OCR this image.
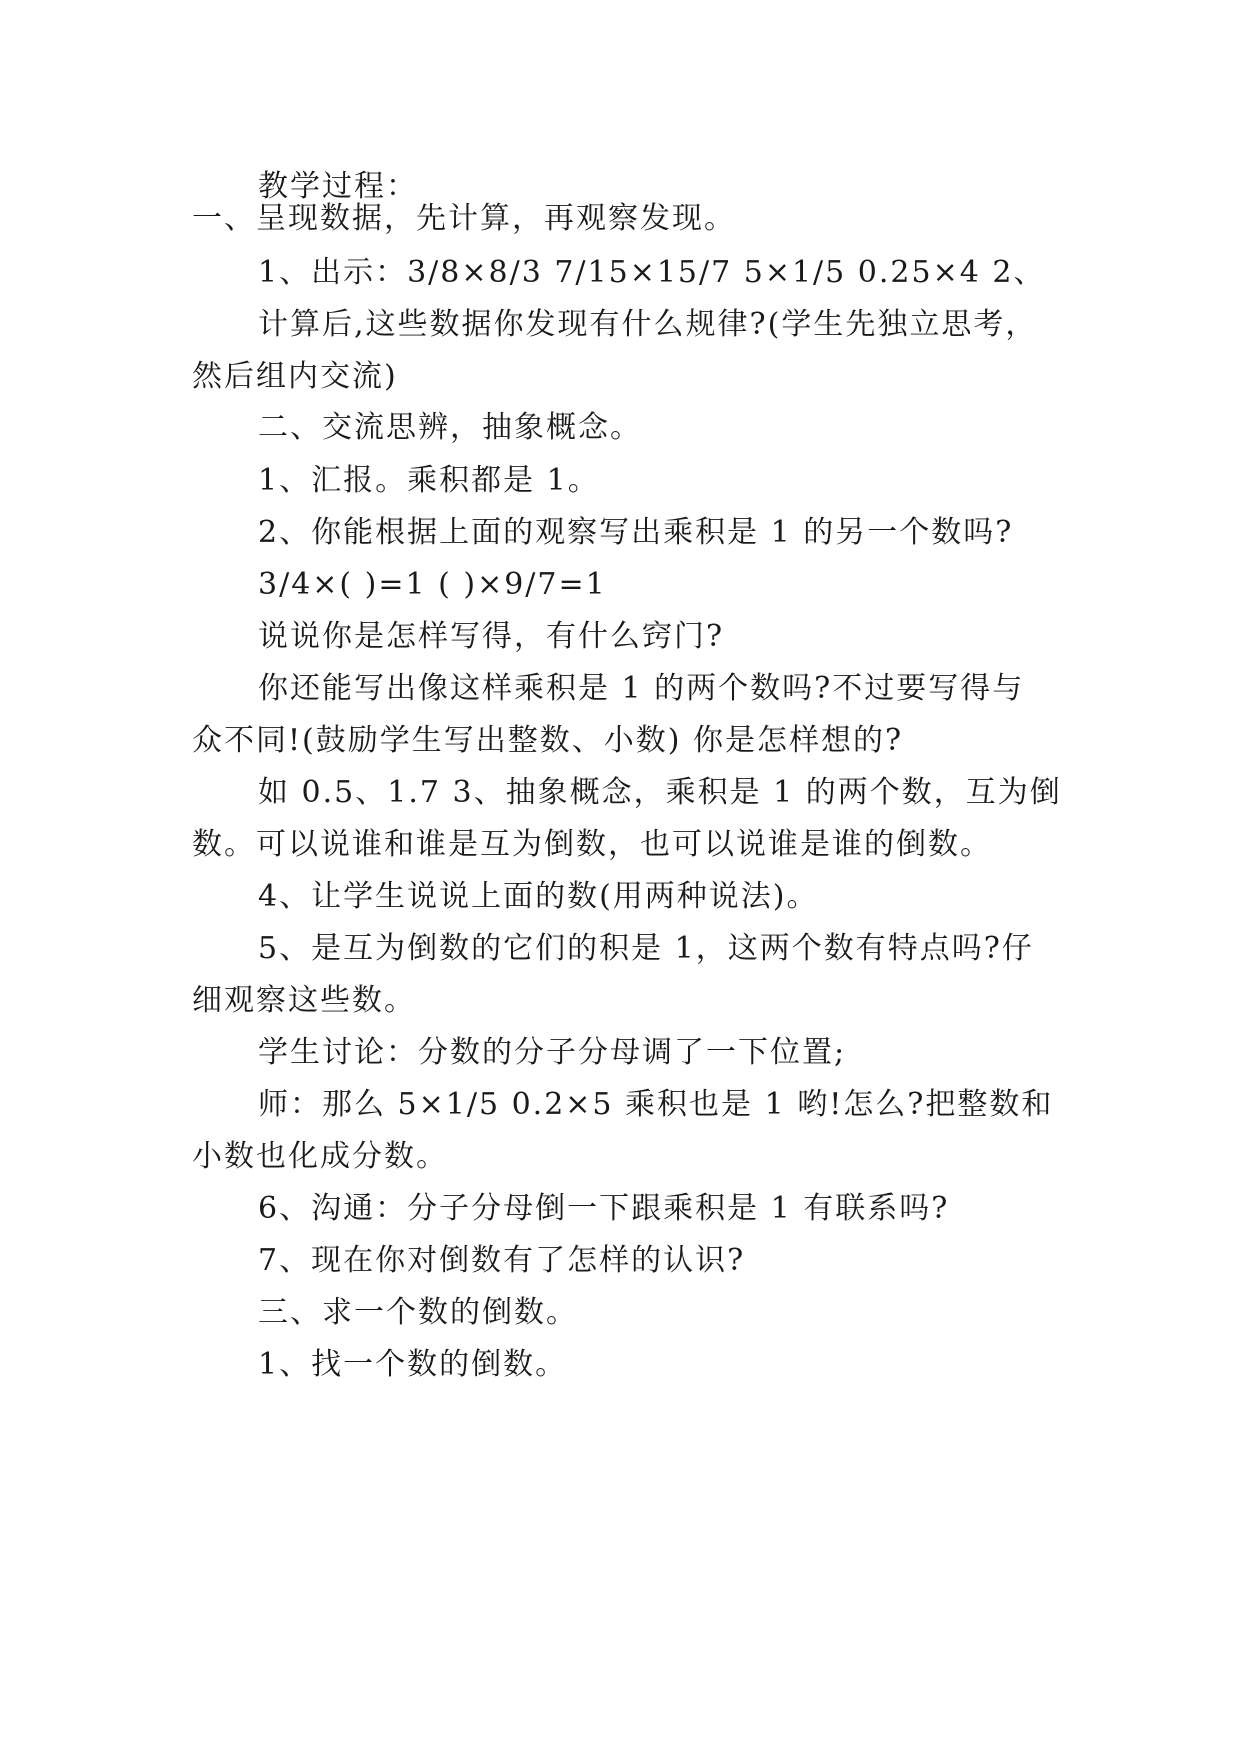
教学过程：
一、呈现数据，先计算，再观察发现。
1、出示：3/8×8/3 7/15×15/7 5×1/5 0.25×4 2、
计算后,这些数据你发现有什么规律?(学生先独立思考，
然后组内交流)
二、交流思辨，抽象概念。
1、汇报。乘积都是 1。
2、你能根据上面的观察写出乘积是 1 的另一个数吗?
3/4×( )=1 ( )×9/7=1
说说你是怎样写得，有什么窍门?
你还能写出像这样乘积是 1 的两个数吗?不过要写得与
众不同!(鼓励学生写出整数、小数) 你是怎样想的?
如 0.5、1.7 3、抽象概念，乘积是 1 的两个数，互为倒
数。可以说谁和谁是互为倒数，也可以说谁是谁的倒数。
4、让学生说说上面的数(用两种说法)。
5、是互为倒数的它们的积是 1，这两个数有特点吗?仔
细观察这些数。
学生讨论：分数的分子分母调了一下位置;
师：那么 5×1/5 0.2×5 乘积也是 1 哟!怎么?把整数和
小数也化成分数。
6、沟通：分子分母倒一下跟乘积是 1 有联系吗?
7、现在你对倒数有了怎样的认识?
三、求一个数的倒数。
1、找一个数的倒数。
